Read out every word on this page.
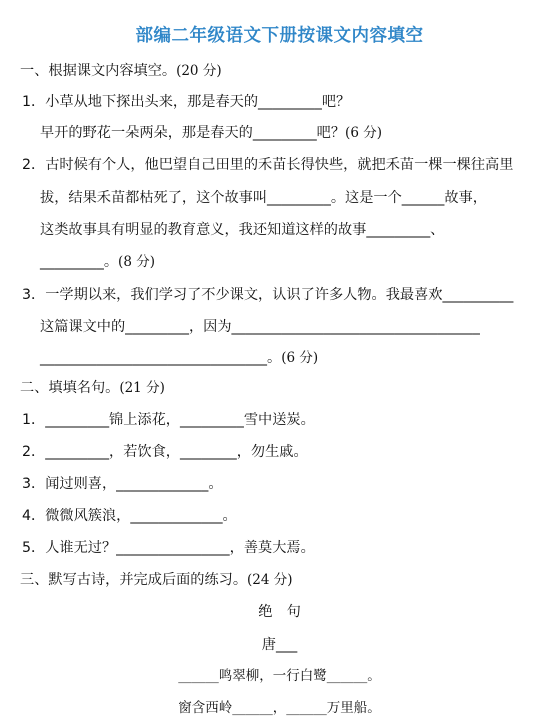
部编二年级语文下册按课文内容填空
一、根据课文内容填空。(20 分)
1．小草从地下探出头来，那是春天的_________吧？
早开的野花一朵两朵，那是春天的_________吧？(6 分)
2．古时候有个人，他巴望自己田里的禾苗长得快些，就把禾苗一棵一棵往高里
拔，结果禾苗都枯死了，这个故事叫_________。这是一个______故事，
这类故事具有明显的教育意义，我还知道这样的故事_________、
_________。(8 分)
3．一学期以来，我们学习了不少课文，认识了许多人物。我最喜欢__________
这篇课文中的_________，因为___________________________________
________________________________。(6 分)
二、填填名句。(21 分)
1．_________锦上添花，_________雪中送炭。
2．_________，若饮食，________，勿生戚。
3．闻过则喜，_____________。
4．微微风簇浪，_____________。
5．人谁无过？________________，善莫大焉。
三、默写古诗，并完成后面的练习。(24 分)
绝　句
唐___
______鸣翠柳，一行白鹭______。
窗含西岭______，______万里船。
